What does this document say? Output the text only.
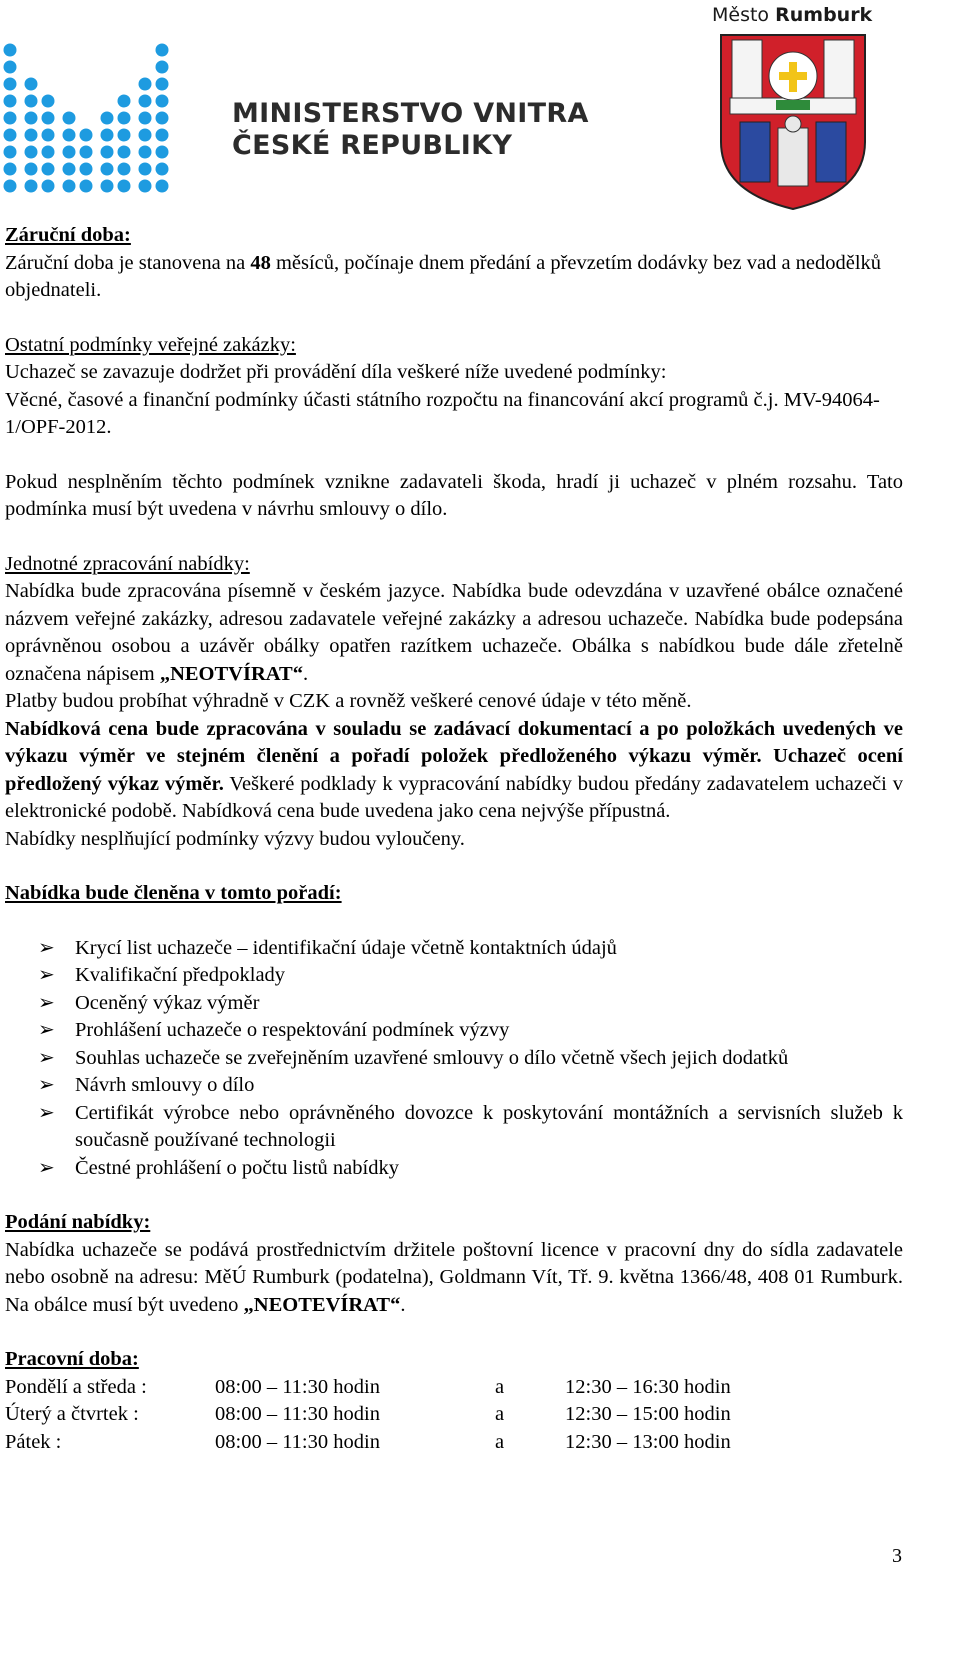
MINISTERSTVO VNITRA
ČESKÉ REPUBLIKY
Město Rumburk

Záruční doba:

Záruční doba je stanovena na 48 měsíců, počínaje dnem předání a převzetím dodávky bez vad a nedodělků objednateli.

Ostatní podmínky veřejné zakázky:

Uchazeč se zavazuje dodržet při provádění díla veškeré níže uvedené podmínky:

Věcné, časové a finanční podmínky účasti státního rozpočtu na financování akcí programů č.j. MV-94064-1/OPF-2012.

Pokud nesplněním těchto podmínek vznikne zadavateli škoda, hradí ji uchazeč v plném rozsahu. Tato podmínka musí být uvedena v návrhu smlouvy o dílo.

Jednotné zpracování nabídky:

Nabídka bude zpracována písemně v českém jazyce. Nabídka bude odevzdána v uzavřené obálce označené názvem veřejné zakázky, adresou zadavatele veřejné zakázky a adresou uchazeče. Nabídka bude podepsána oprávněnou osobou a uzávěr obálky opatřen razítkem uchazeče. Obálka s nabídkou bude dále zřetelně označena nápisem „NEOTVÍRAT“.

Platby budou probíhat výhradně v CZK a rovněž veškeré cenové údaje v této měně.

Nabídková cena bude zpracována v souladu se zadávací dokumentací a po položkách uvedených ve výkazu výměr ve stejném členění a pořadí položek předloženého výkazu výměr. Uchazeč ocení předložený výkaz výměr. Veškeré podklady k vypracování nabídky budou předány zadavatelem uchazeči v elektronické podobě. Nabídková cena bude uvedena jako cena nejvýše přípustná.

Nabídky nesplňující podmínky výzvy budou vyloučeny.

Nabídka bude členěna v tomto pořadí:

➢ Krycí list uchazeče – identifikační údaje včetně kontaktních údajů
➢ Kvalifikační předpoklady
➢ Oceněný výkaz výměr
➢ Prohlášení uchazeče o respektování podmínek výzvy
➢ Souhlas uchazeče se zveřejněním uzavřené smlouvy o dílo včetně všech jejich dodatků
➢ Návrh smlouvy o dílo
➢ Certifikát výrobce nebo oprávněného dovozce k poskytování montážních a servisních služeb k současně používané technologii
➢ Čestné prohlášení o počtu listů nabídky

Podání nabídky:

Nabídka uchazeče se podává prostřednictvím držitele poštovní licence v pracovní dny do sídla zadavatele nebo osobně na adresu: MěÚ Rumburk (podatelna), Goldmann Vít, Tř. 9. května 1366/48, 408 01 Rumburk. Na obálce musí být uvedeno „NEOTEVÍRAT“.

Pracovní doba:

Pondělí a středa :	08:00 – 11:30 hodin	a	12:30 – 16:30 hodin
Úterý a čtvrtek :	08:00 – 11:30 hodin	a	12:30 – 15:00 hodin
Pátek :	08:00 – 11:30 hodin	a	12:30 – 13:00 hodin
3
